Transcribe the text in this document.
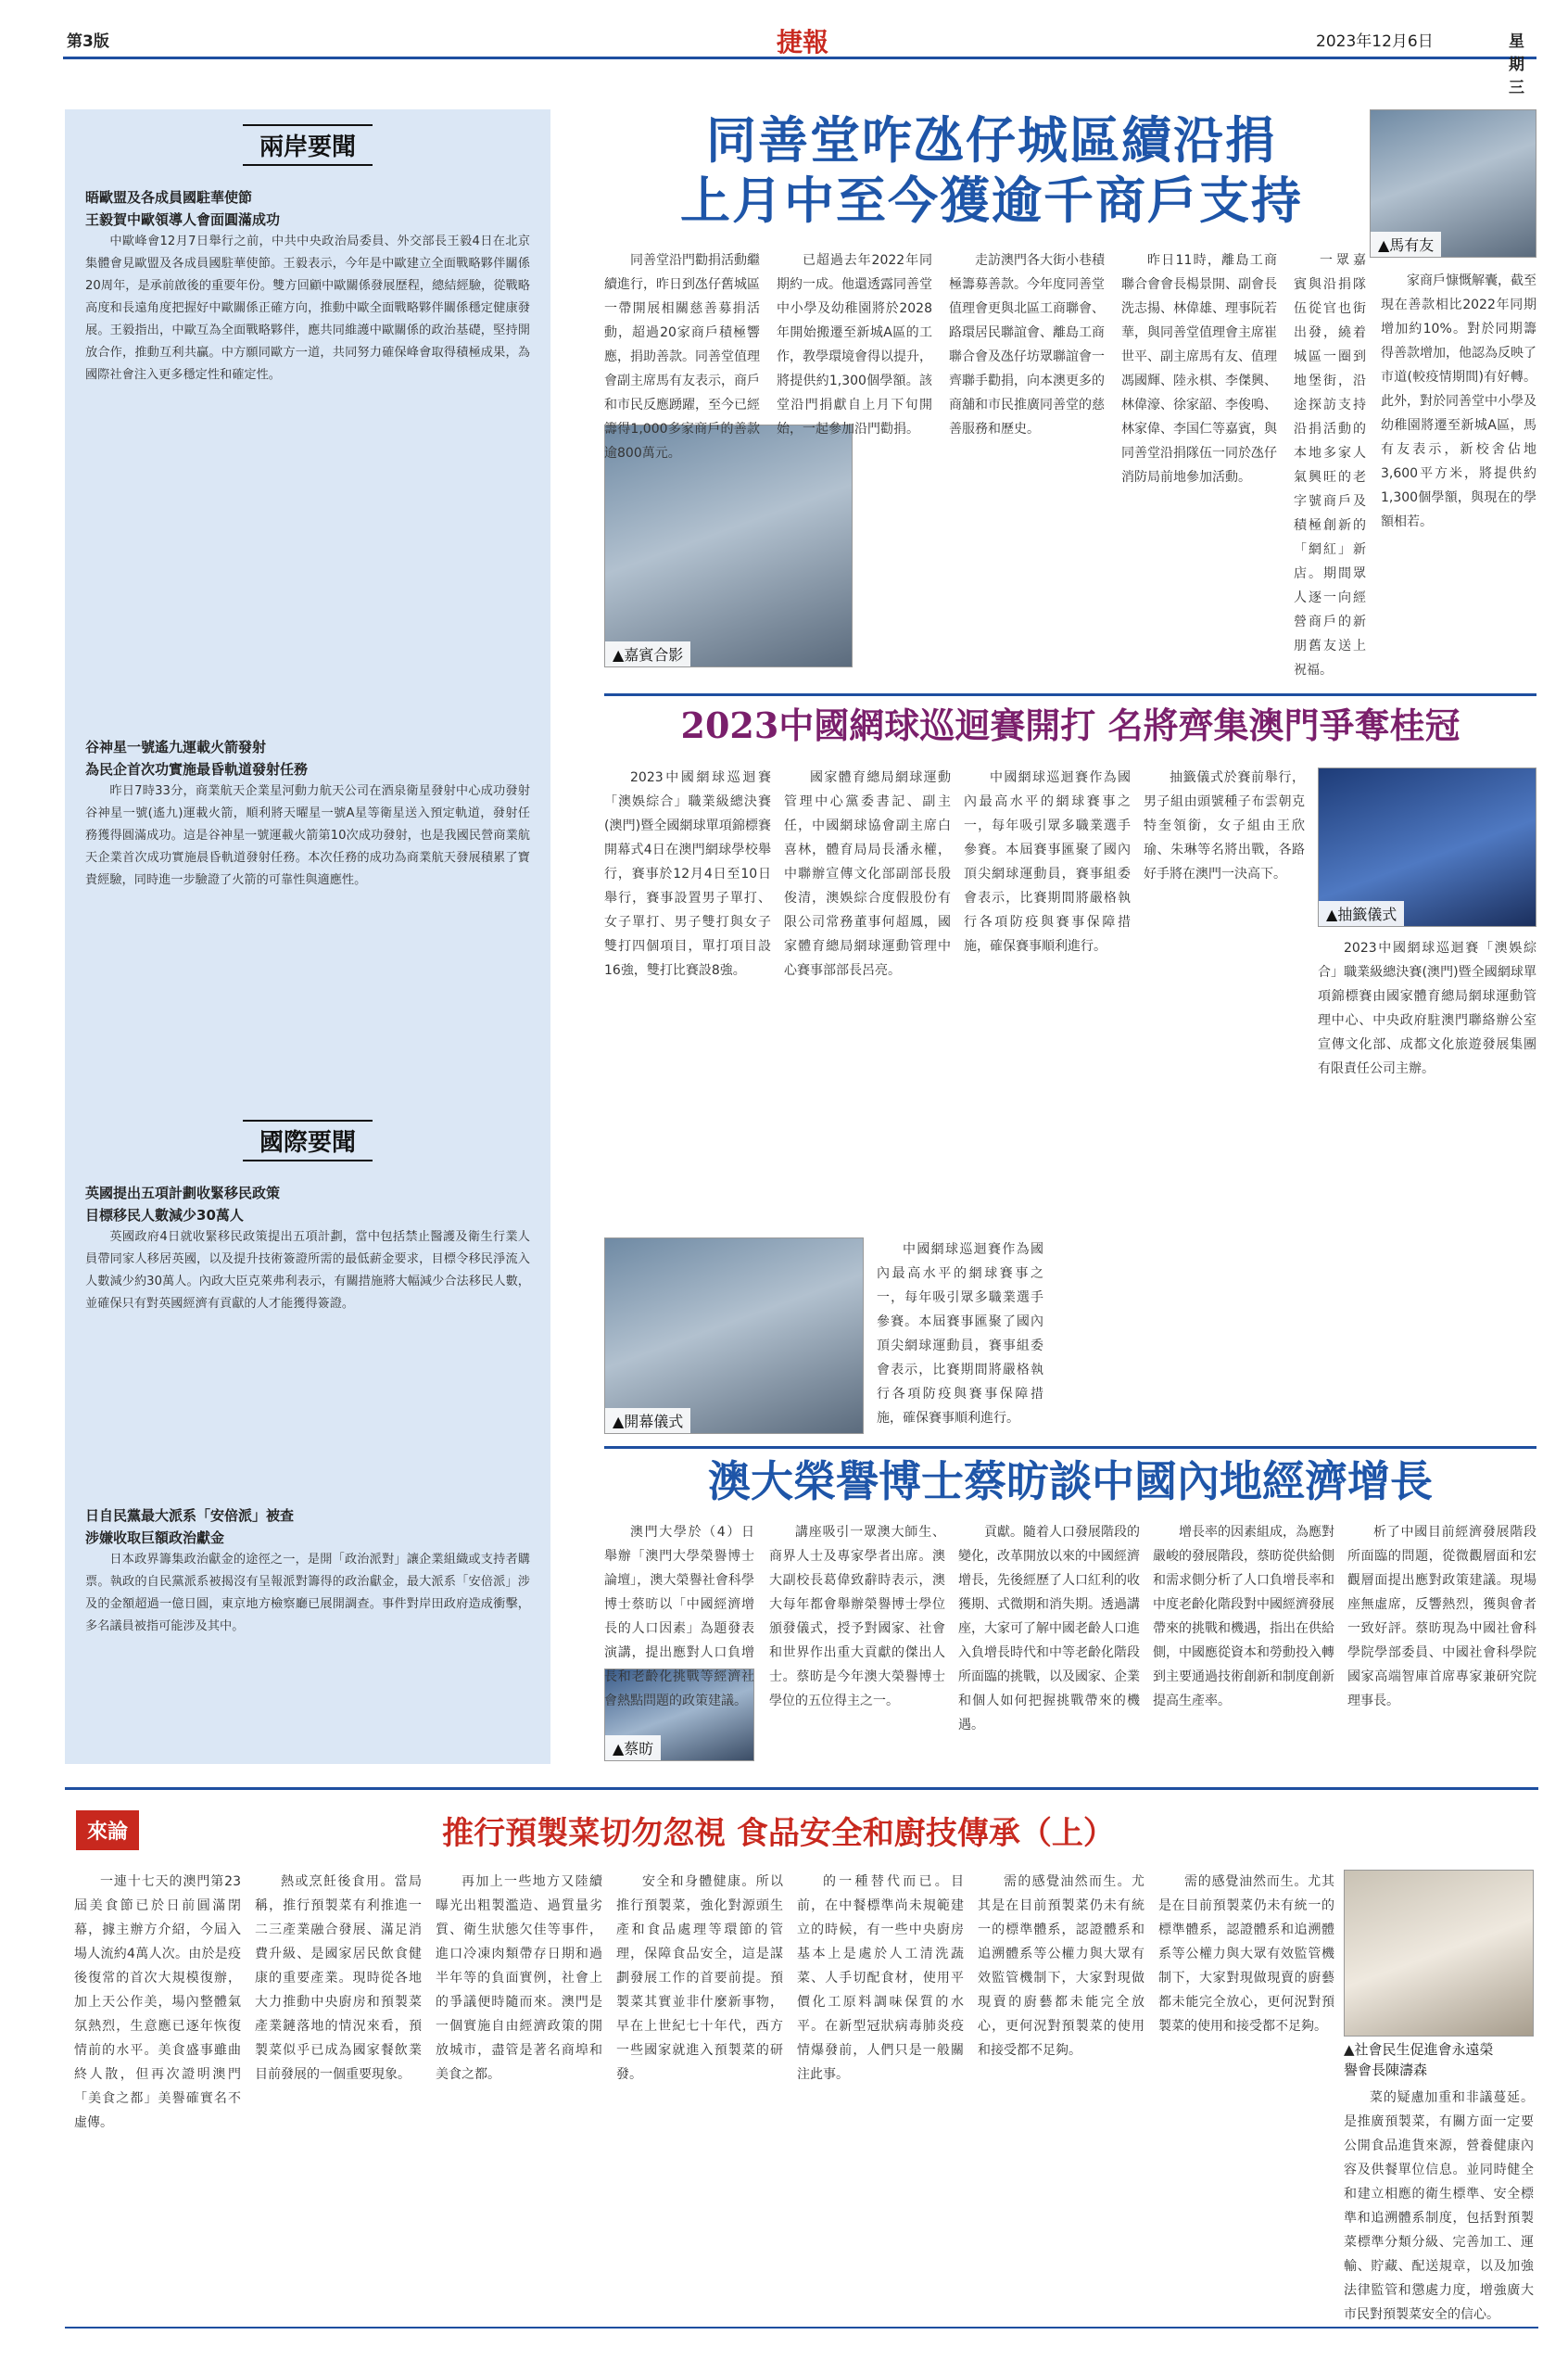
第3版	捷報	2023年12月6日	星期三
兩岸要聞
晤歐盟及各成員國駐華使節
王毅賀中歐領導人會面圓滿成功

中歐峰會12月7日舉行之前，中共中央政治局委員、外交部長王毅4日在北京集體會見歐盟及各成員國駐華使節。王毅表示，今年是中歐建立全面戰略夥伴關係20周年，是承前啟後的重要年份。雙方回顧中歐關係發展歷程，總結經驗，從戰略高度和長遠角度把握好中歐關係正確方向，推動中歐全面戰略夥伴關係穩定健康發展。王毅指出，中歐互為全面戰略夥伴，應共同維護中歐關係的政治基礎，堅持開放合作，推動互利共贏。中方願同歐方一道，共同努力確保峰會取得積極成果，為國際社會注入更多穩定性和確定性。

谷神星一號遙九運載火箭發射
為民企首次功實施最昏軌道發射任務

昨日7時33分，商業航天企業星河動力航天公司在酒泉衛星發射中心成功發射谷神星一號(遙九)運載火箭，順利將天曜星一號A星等衛星送入預定軌道，發射任務獲得圓滿成功。這是谷神星一號運載火箭第10次成功發射，也是我國民營商業航天企業首次成功實施晨昏軌道發射任務。本次任務的成功為商業航天發展積累了寶貴經驗，同時進一步驗證了火箭的可靠性與適應性。

國際要聞
英國提出五項計劃收緊移民政策
目標移民人數減少30萬人

英國政府4日就收緊移民政策提出五項計劃，當中包括禁止醫護及衛生行業人員帶同家人移居英國，以及提升技術簽證所需的最低薪金要求，目標令移民淨流入人數減少約30萬人。內政大臣克萊弗利表示，有關措施將大幅減少合法移民人數，並確保只有對英國經濟有貢獻的人才能獲得簽證。

日自民黨最大派系「安倍派」被查
涉嫌收取巨額政治獻金

日本政界籌集政治獻金的途徑之一，是開「政治派對」讓企業組織或支持者購票。執政的自民黨派系被揭沒有呈報派對籌得的政治獻金，最大派系「安倍派」涉及的金額超過一億日圓，東京地方檢察廳已展開調查。事件對岸田政府造成衝擊，多名議員被指可能涉及其中。

同善堂咋氹仔城區續沿捐
上月中至今獲逾千商戶支持
▲馬有友
▲嘉賓合影
同善堂沿門勸捐活動繼續進行，昨日到氹仔舊城區一帶開展相關慈善募捐活動，超過20家商戶積極響應，捐助善款。同善堂值理會副主席馬有友表示，商戶和市民反應踴躍，至今已經籌得1,000多家商戶的善款逾800萬元。
已超過去年2022年同期約一成。他還透露同善堂中小學及幼稚園將於2028年開始搬遷至新城A區的工作，教學環境會得以提升，將提供約1,300個學額。該堂沿門捐獻自上月下旬開始，一起參加沿門勸捐。
走訪澳門各大街小巷積極籌募善款。今年度同善堂值理會更與北區工商聯會、路環居民聯誼會、離島工商聯合會及氹仔坊眾聯誼會一齊聯手勸捐，向本澳更多的商舖和市民推廣同善堂的慈善服務和歷史。
昨日11時，離島工商聯合會會長楊景開、副會長洗志揚、林偉雄、理事阮若華，與同善堂值理會主席崔世平、副主席馬有友、值理馮國輝、陸永棋、李傑興、林偉濠、徐家韶、李俊鳴、林家偉、李国仁等嘉賓，與同善堂沿捐隊伍一同於氹仔消防局前地參加活動。
一眾嘉賓與沿捐隊伍從官也街出發，繞着城區一圈到地堡街，沿途探訪支持沿捐活動的本地多家人氣興旺的老字號商戶及積極創新的「網紅」新店。期間眾人逐一向經營商戶的新朋舊友送上祝福。
家商戶慷慨解囊，截至現在善款相比2022年同期增加約10%。對於同期籌得善款增加，他認為反映了市道(較疫情期間)有好轉。此外，對於同善堂中小學及幼稚園將遷至新城A區，馬有友表示，新校舍佔地3,600平方米，將提供約1,300個學額，與現在的學額相若。
2023中國網球巡迴賽開打 名將齊集澳門爭奪桂冠
▲開幕儀式
▲抽籤儀式
2023中國網球巡迴賽「澳娛綜合」職業級總決賽(澳門)暨全國網球單項錦標賽開幕式4日在澳門網球學校舉行，賽事於12月4日至10日舉行，賽事設置男子單打、女子單打、男子雙打與女子雙打四個項目，單打項目設16強，雙打比賽設8強。
國家體育總局網球運動管理中心黨委書記、副主任，中國網球協會副主席白喜林，體育局局長潘永權，中聯辦宣傳文化部副部長殷俊清，澳娛綜合度假股份有限公司常務董事何超鳳，國家體育總局網球運動管理中心賽事部部長呂亮。
中國網球巡迴賽作為國內最高水平的網球賽事之一，每年吸引眾多職業選手參賽。本屆賽事匯聚了國內頂尖網球運動員，賽事組委會表示，比賽期間將嚴格執行各項防疫與賽事保障措施，確保賽事順利進行。
中國網球巡迴賽作為國內最高水平的網球賽事之一，每年吸引眾多職業選手參賽。本屆賽事匯聚了國內頂尖網球運動員，賽事組委會表示，比賽期間將嚴格執行各項防疫與賽事保障措施，確保賽事順利進行。
抽籤儀式於賽前舉行，男子組由頭號種子布雲朝克特奎領銜，女子組由王欣瑜、朱琳等名將出戰，各路好手將在澳門一決高下。
2023中國網球巡迴賽「澳娛綜合」職業級總決賽(澳門)暨全國網球單項錦標賽由國家體育總局網球運動管理中心、中央政府駐澳門聯絡辦公室宣傳文化部、成都文化旅遊發展集團有限責任公司主辦。
澳大榮譽博士蔡昉談中國內地經濟增長
▲蔡昉
澳門大學於（4）日舉辦「澳門大學榮譽博士論壇」，澳大榮譽社會科學博士蔡昉以「中國經濟增長的人口因素」為題發表演講，提出應對人口負增長和老齡化挑戰等經濟社會熱點問題的政策建議。
講座吸引一眾澳大師生、商界人士及專家學者出席。澳大副校長葛偉致辭時表示，澳大每年都會舉辦榮譽博士學位頒發儀式，授予對國家、社會和世界作出重大貢獻的傑出人士。蔡昉是今年澳大榮譽博士學位的五位得主之一。
貢獻。隨着人口發展階段的變化，改革開放以來的中國經濟增長，先後經歷了人口紅利的收獲期、式微期和消失期。透過講座，大家可了解中國老齡人口進入負增長時代和中等老齡化階段所面臨的挑戰，以及國家、企業和個人如何把握挑戰帶來的機遇。
增長率的因素組成，為應對嚴峻的發展階段，蔡昉從供給側和需求側分析了人口負增長率和中度老齡化階段對中國經濟發展帶來的挑戰和機遇，指出在供給側，中國應從資本和勞動投入轉到主要通過技術創新和制度創新提高生產率。
析了中國目前經濟發展階段所面臨的問題，從微觀層面和宏觀層面提出應對政策建議。現場座無虛席，反響熱烈，獲與會者一致好評。蔡昉現為中國社會科學院學部委員、中國社會科學院國家高端智庫首席專家兼研究院理事長。
來論	推行預製菜切勿忽視 食品安全和廚技傳承（上）
▲社會民生促進會永遠榮
譽會長陳濤森
一連十七天的澳門第23屆美食節已於日前圓滿閉幕，據主辦方介紹，今屆入場人流約4萬人次。由於是疫後復常的首次大規模復辦，加上天公作美，場內整體氣氛熱烈，生意應已逐年恢復情前的水平。美食盛事雖曲終人散，但再次證明澳門「美食之都」美譽確實名不虛傳。
熱或烹飪後食用。當局稱，推行預製菜有利推進一二三產業融合發展、滿足消費升級、是國家居民飲食健康的重要產業。現時從各地大力推動中央廚房和預製菜產業鏈落地的情況來看，預製菜似乎已成為國家餐飲業目前發展的一個重要現象。
再加上一些地方又陸續曝光出粗製濫造、過質量劣質、衛生狀態欠佳等事件，進口冷凍肉類帶存日期和過半年等的負面實例，社會上的爭議便時隨而來。澳門是一個實施自由經濟政策的開放城市，盡管是著名商埠和美食之都。
安全和身體健康。所以推行預製菜，強化對源頭生產和食品處理等環節的管理，保障食品安全，這是謀劃發展工作的首要前提。預製菜其實並非什麼新事物，早在上世紀七十年代，西方一些國家就進入預製菜的研發。
的一種替代而已。目前，在中餐標準尚未規範建立的時候，有一些中央廚房基本上是處於人工清洗蔬菜、人手切配食材，使用平價化工原料調味保質的水平。在新型冠狀病毒肺炎疫情爆發前，人們只是一般關注此事。
需的感覺油然而生。尤其是在目前預製菜仍未有統一的標準體系，認證體系和追溯體系等公權力與大眾有效監管機制下，大家對現做現賣的廚藝都未能完全放心，更何況對預製菜的使用和接受都不足夠。
需的感覺油然而生。尤其是在目前預製菜仍未有統一的標準體系，認證體系和追溯體系等公權力與大眾有效監管機制下，大家對現做現賣的廚藝都未能完全放心，更何況對預製菜的使用和接受都不足夠。
菜的疑慮加重和非議蔓延。是推廣預製菜，有關方面一定要公開食品進貨來源，營養健康內容及供餐單位信息。並同時健全和建立相應的衛生標準、安全標準和追溯體系制度，包括對預製菜標準分類分級、完善加工、運輸、貯藏、配送規章，以及加強法律監管和懲處力度，增強廣大市民對預製菜安全的信心。
